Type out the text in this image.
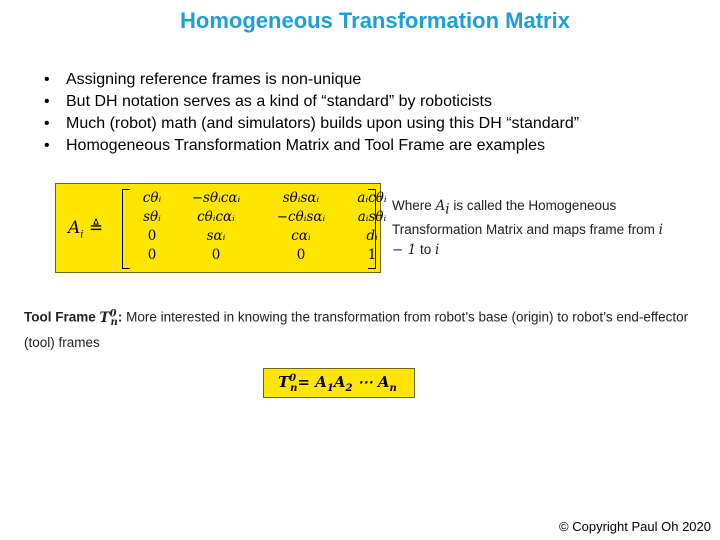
Homogeneous Transformation Matrix
• Assigning reference frames is non-unique
• But DH notation serves as a kind of “standard” by roboticists
• Much (robot) math (and simulators) builds upon using this DH “standard”
• Homogeneous Transformation Matrix and Tool Frame are examples
$A_i$ ≜
cθᵢ	−sθᵢcαᵢ	sθᵢsαᵢ	aᵢcθᵢ
sθᵢ	cθᵢcαᵢ	−cθᵢsαᵢ	aᵢsθᵢ
0	sαᵢ	cαᵢ	dᵢ
0	0	0	1
Where $A_i$ is called the Homogeneous Transformation Matrix and maps frame from i − 1 to i
Tool Frame $T^0_n$: More interested in knowing the transformation from robot’s base (origin) to robot’s end-effector (tool) frames
$T^0_n = A_1A_2$ ⋯ $A_n$
© Copyright Paul Oh 2020
